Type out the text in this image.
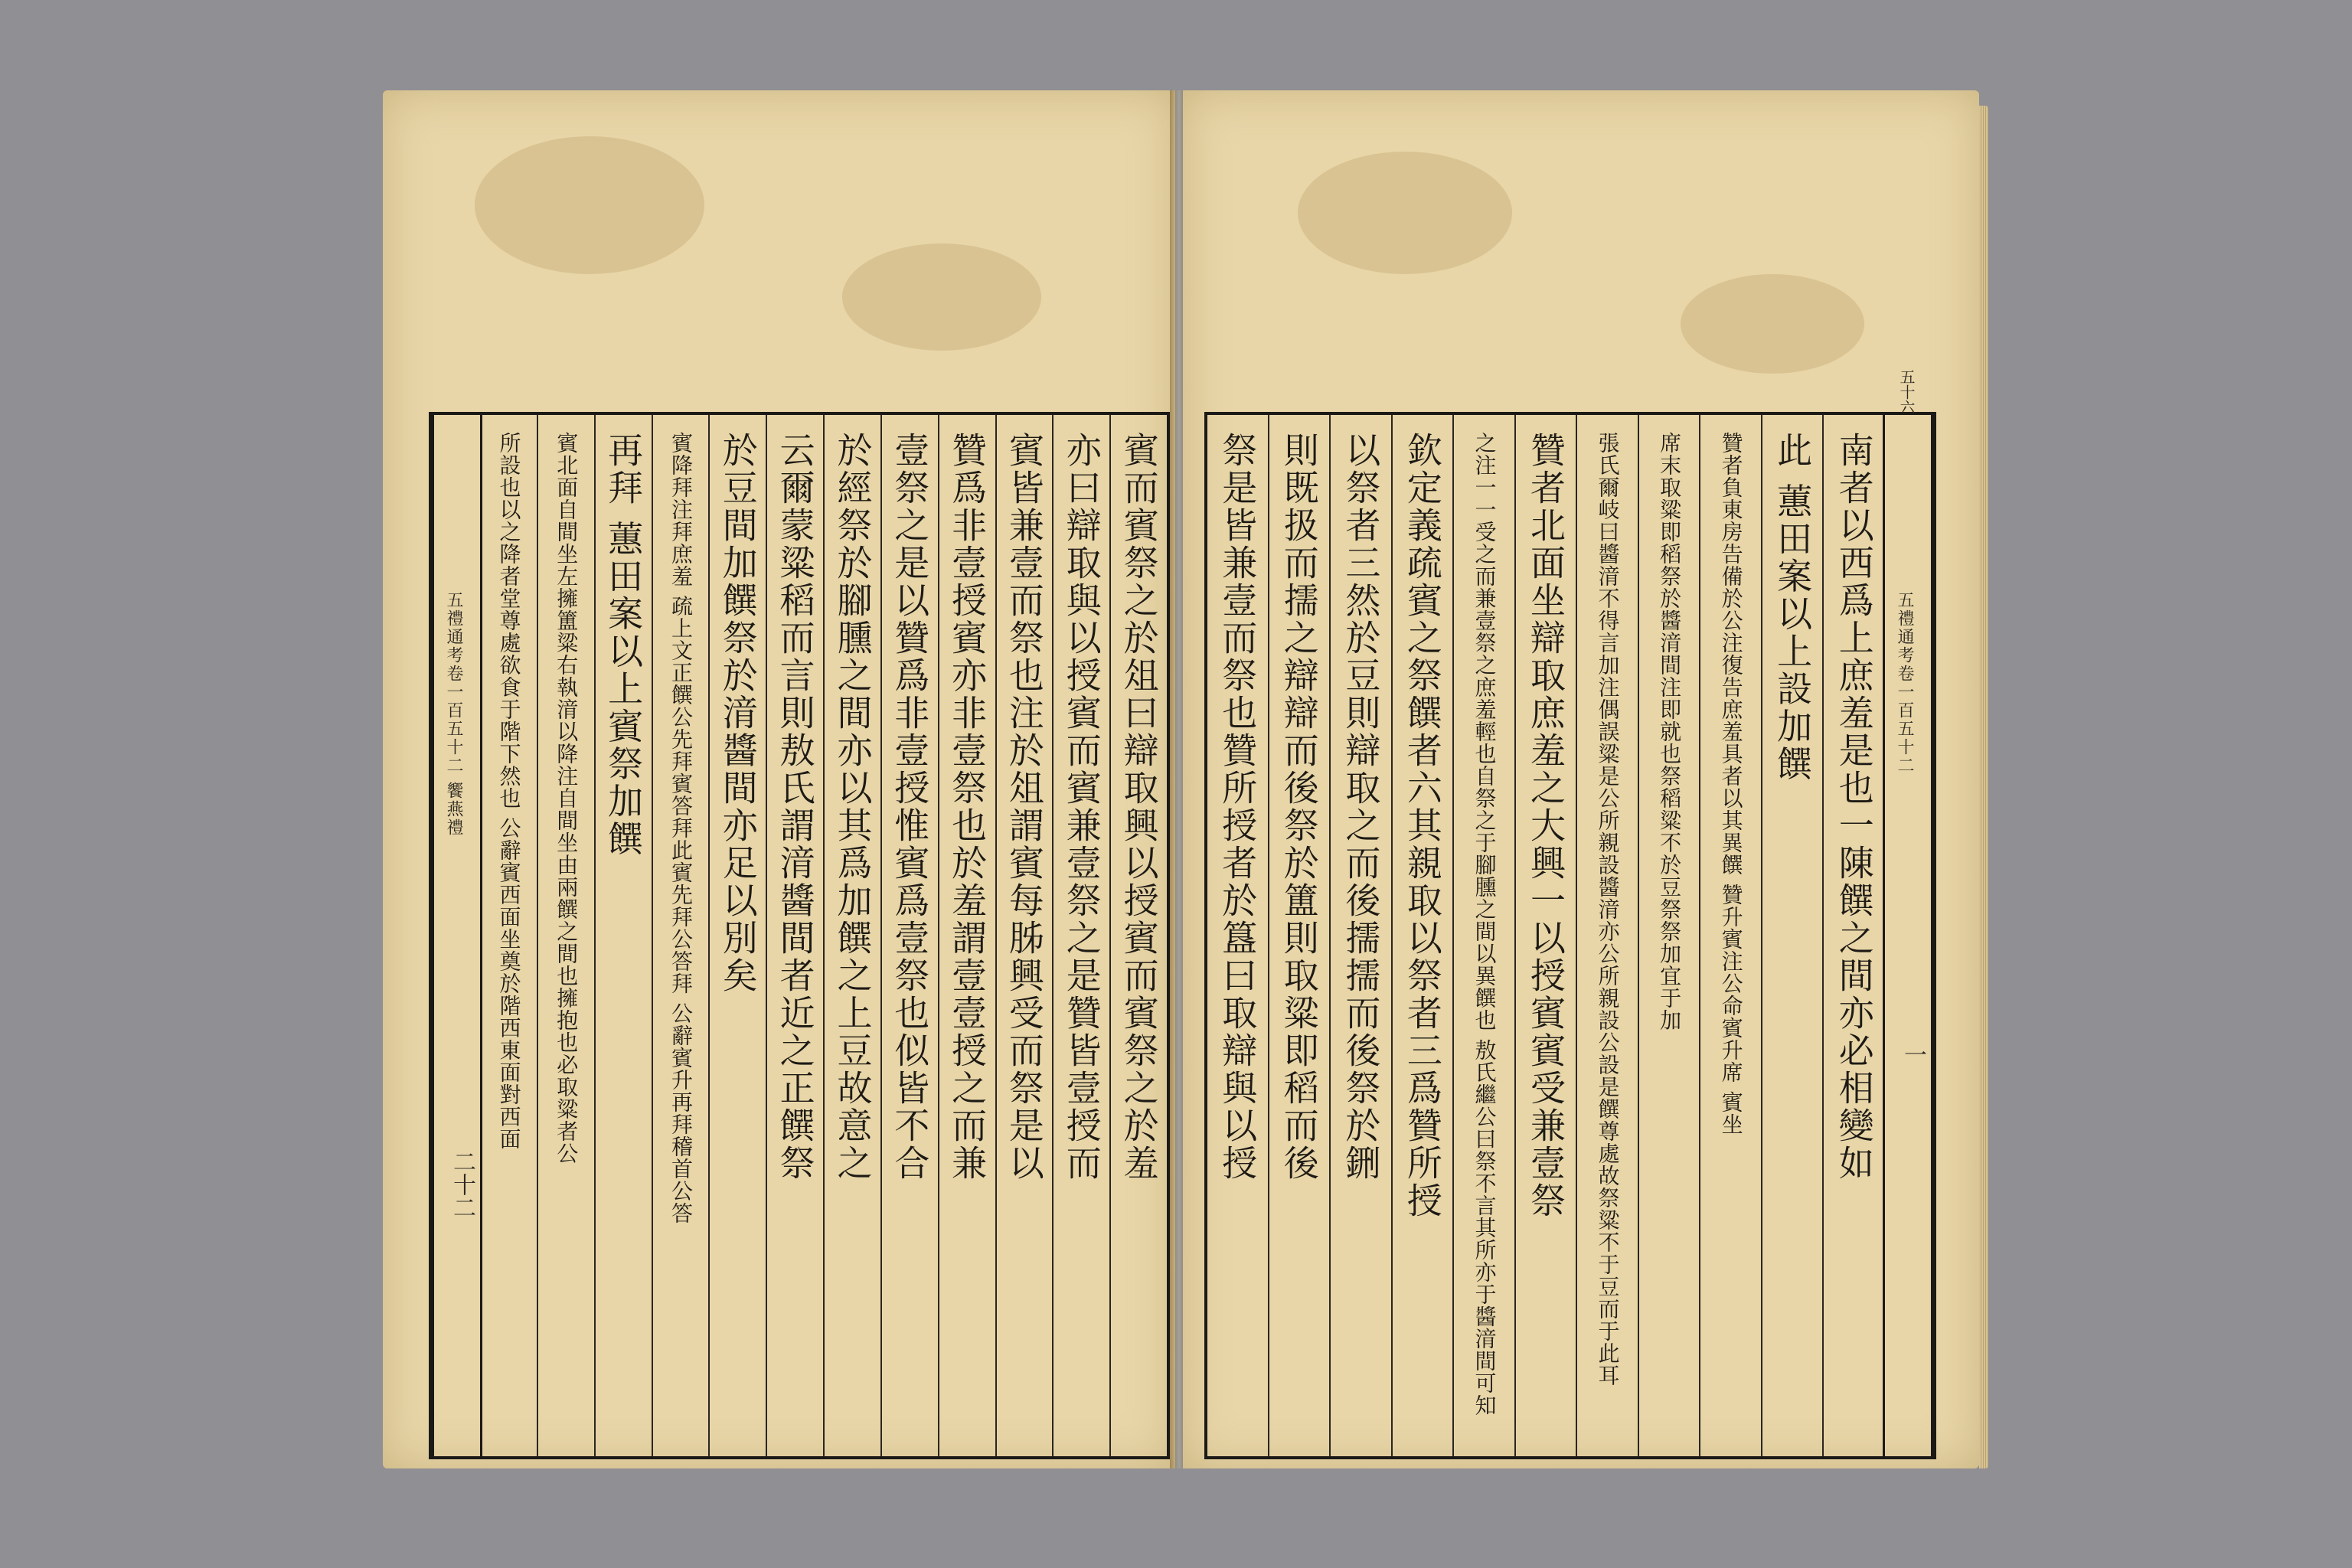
五禮通考卷一百五十二 饗燕禮
二十二
賓而賓祭之於俎曰辯取興以授賓而賓祭之於羞
亦曰辯取與以授賓而賓兼壹祭之是贊皆壹授而
賓皆兼壹而祭也注於俎謂賓每胏興受而祭是以
贊爲非壹授賓亦非壹祭也於羞謂壹壹授之而兼
壹祭之是以贊爲非壹授惟賓爲壹祭也似皆不合
於經祭於腳臐之間亦以其爲加饌之上豆故意之
云爾蒙粱稻而言則敖氏謂湇醬間者近之正饌祭
於豆間加饌祭於湇醬間亦足以別矣
賓降拜注拜庶羞 疏上文正饌公先拜賓答拜此賓先拜公答拜 公辭賓升再拜稽首公答
再拜 蕙田案以上賓祭加饌
賓北面自間坐左擁簠粱右執湇以降注自間坐由兩饌之間也擁抱也必取粱者公
所設也以之降者堂尊處欲食于階下然也 公辭賓西面坐奠於階西東面對西面
五十六
五禮通考卷一百五十二
一
南者以西爲上庶羞是也一陳饌之間亦必相變如
此 蕙田案以上設加饌
贊者負東房告備於公注復告庶羞具者以其異饌 贊升賓注公命賓升席 賓坐
席末取粱即稻祭於醬湇間注即就也祭稻粱不於豆祭祭加宜于加
張氏爾岐曰醬湇不得言加注偶誤粱是公所親設醬湇亦公所親設公設是饌尊處故祭粱不于豆而于此耳
贊者北面坐辯取庶羞之大興一以授賓賓受兼壹祭
之注一一受之而兼壹祭之庶羞輕也自祭之于腳臐之間以異饌也 敖氏繼公曰祭不言其所亦于醬湇間可知
欽定義疏賓之祭饌者六其親取以祭者三爲贊所授
以祭者三然於豆則辯取之而後擩擩而後祭於鉶
則既扱而擩之辯辯而後祭於簠則取粱即稻而後
祭是皆兼壹而祭也贊所授者於簋曰取辯與以授
